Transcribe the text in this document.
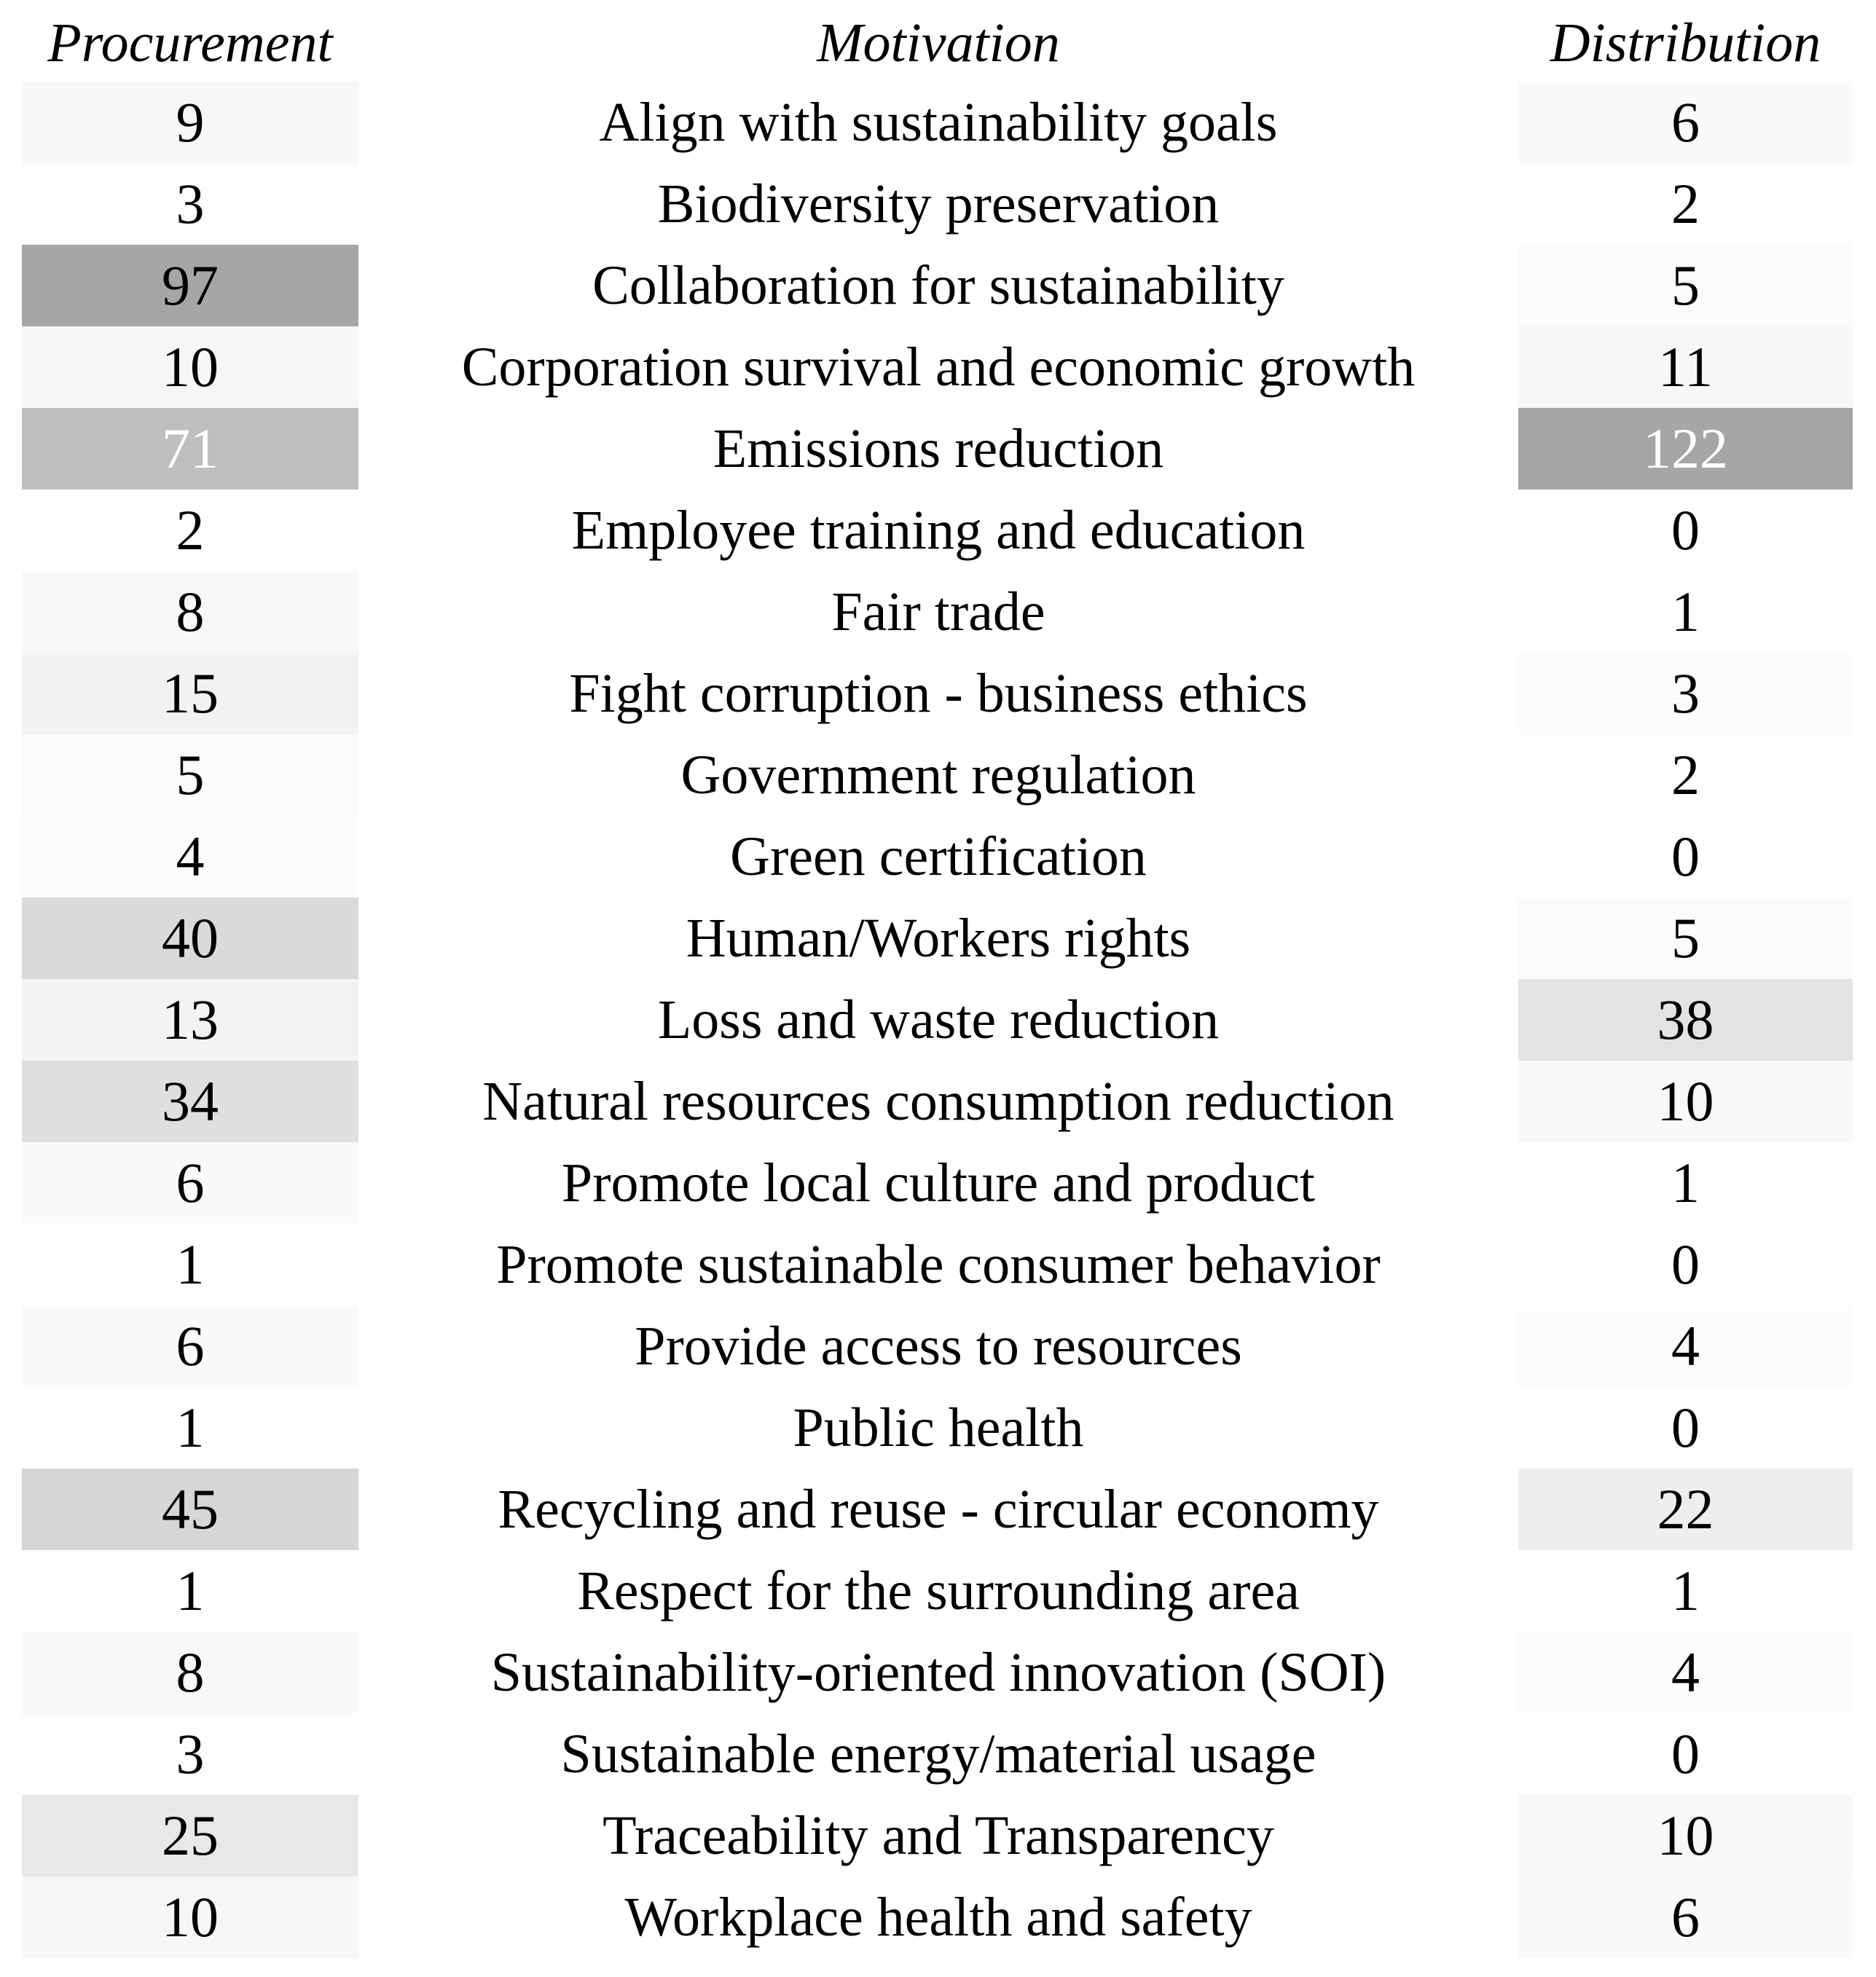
Procurement	Motivation	Distribution
9	Align with sustainability goals	6
3	Biodiversity preservation	2
97	Collaboration for sustainability	5
10	Corporation survival and economic growth	11
71	Emissions reduction	122
2	Employee training and education	0
8	Fair trade	1
15	Fight corruption - business ethics	3
5	Government regulation	2
4	Green certification	0
40	Human/Workers rights	5
13	Loss and waste reduction	38
34	Natural resources consumption reduction	10
6	Promote local culture and product	1
1	Promote sustainable consumer behavior	0
6	Provide access to resources	4
1	Public health	0
45	Recycling and reuse - circular economy	22
1	Respect for the surrounding area	1
8	Sustainability-oriented innovation (SOI)	4
3	Sustainable energy/material usage	0
25	Traceability and Transparency	10
10	Workplace health and safety	6
